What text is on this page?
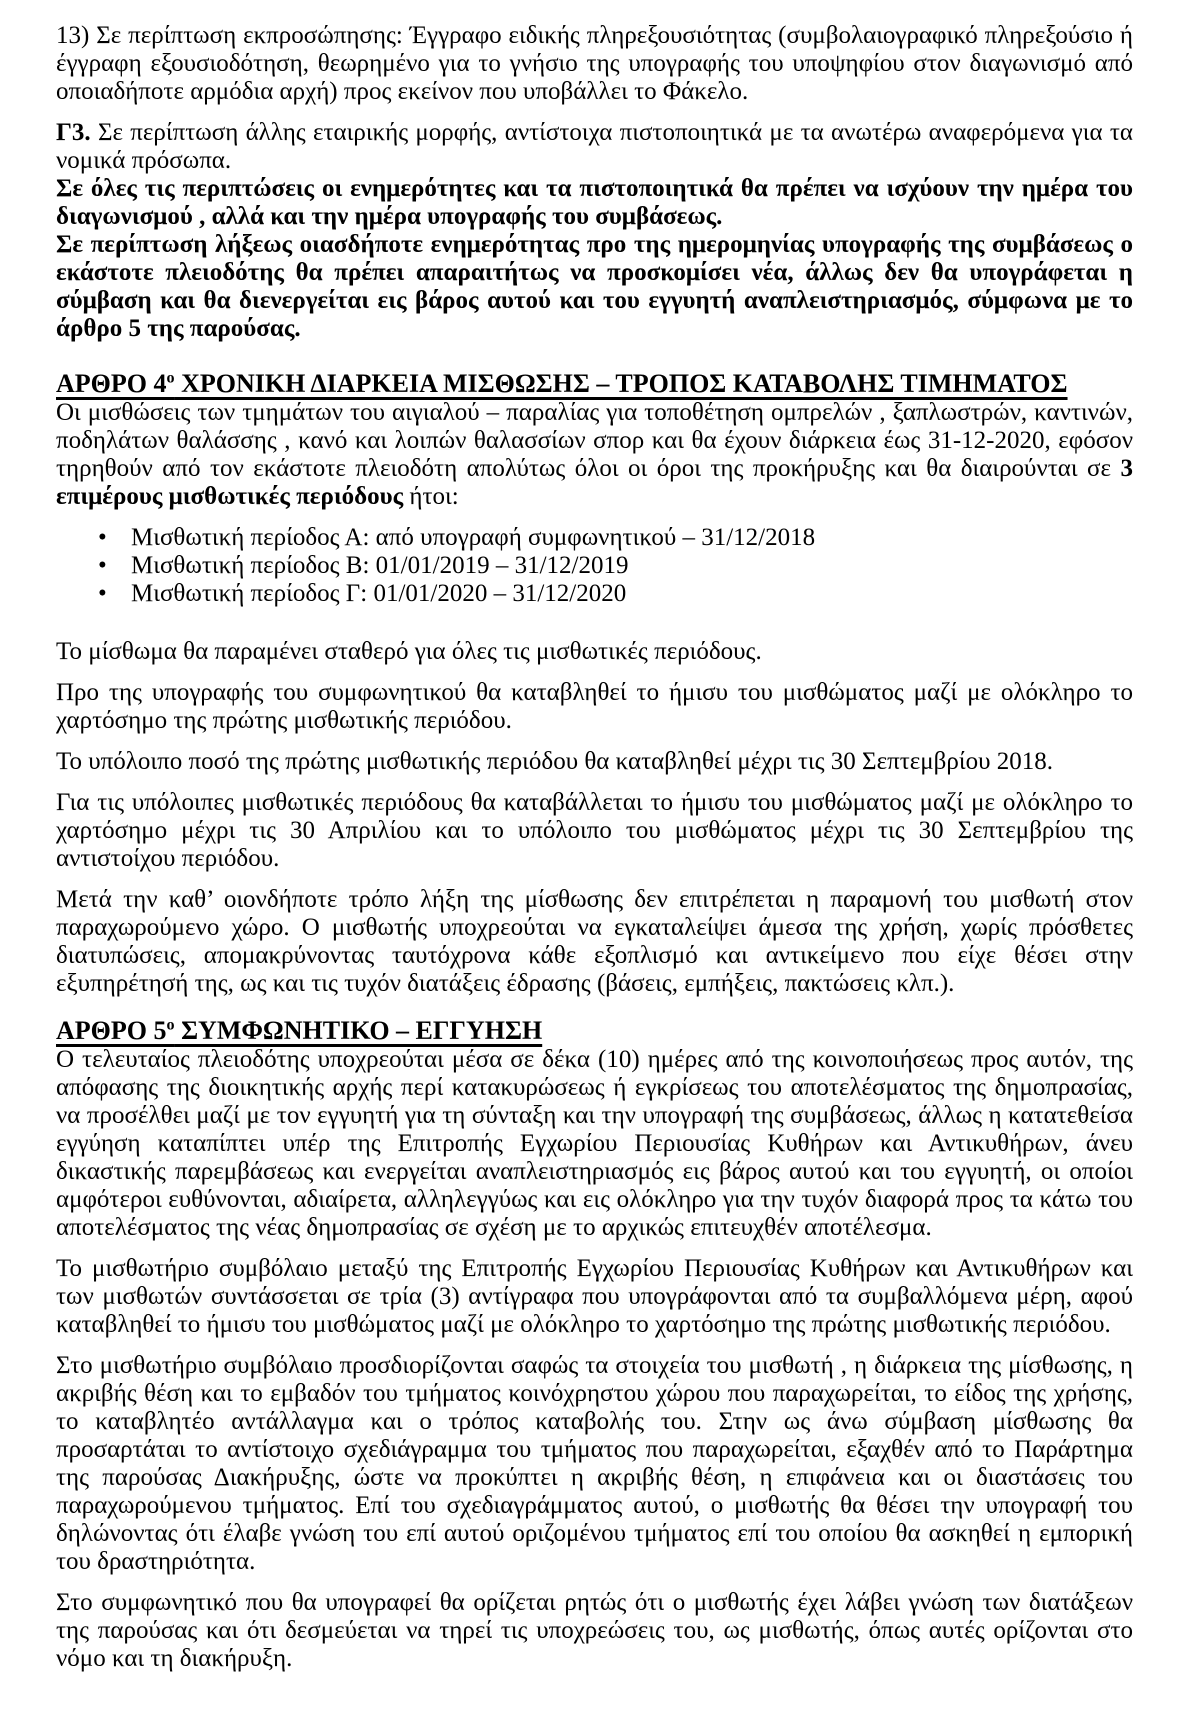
13) Σε περίπτωση εκπροσώπησης: Έγγραφο ειδικής πληρεξουσιότητας (συμβολαιογραφικό πληρεξούσιο ή έγγραφη εξουσιοδότηση, θεωρημένο για το γνήσιο της υπογραφής του υποψηφίου στον διαγωνισμό από οποιαδήποτε αρμόδια αρχή) προς εκείνον που υποβάλλει το Φάκελο.

Γ3. Σε περίπτωση άλλης εταιρικής μορφής, αντίστοιχα πιστοποιητικά με τα ανωτέρω αναφερόμενα για τα νομικά πρόσωπα.

Σε όλες τις περιπτώσεις οι ενημερότητες και τα πιστοποιητικά θα πρέπει να ισχύουν την ημέρα του διαγωνισμού , αλλά και την ημέρα υπογραφής του συμβάσεως.

Σε περίπτωση λήξεως οιασδήποτε ενημερότητας προ της ημερομηνίας υπογραφής της συμβάσεως ο εκάστοτε πλειοδότης θα πρέπει απαραιτήτως να προσκομίσει νέα, άλλως δεν θα υπογράφεται η σύμβαση και θα διενεργείται εις βάρος αυτού και του εγγυητή αναπλειστηριασμός, σύμφωνα με το άρθρο 5 της παρούσας.

ΑΡΘΡΟ $4^o$ ΧΡΟΝΙΚΗ ΔΙΑΡΚΕΙΑ ΜΙΣΘΩΣΗΣ – ΤΡΟΠΟΣ ΚΑΤΑΒΟΛΗΣ ΤΙΜΗΜΑΤΟΣ

Οι μισθώσεις των τμημάτων του αιγιαλού – παραλίας για τοποθέτηση ομπρελών , ξαπλωστρών, καντινών, ποδηλάτων θαλάσσης , κανό και λοιπών θαλασσίων σπορ και θα έχουν διάρκεια έως 31-12-2020, εφόσον τηρηθούν από τον εκάστοτε πλειοδότη απολύτως όλοι οι όροι της προκήρυξης και θα διαιρούνται σε 3 επιμέρους μισθωτικές περιόδους ήτοι:

• Μισθωτική περίοδος Α: από υπογραφή συμφωνητικού – 31/12/2018
• Μισθωτική περίοδος Β: 01/01/2019 – 31/12/2019
• Μισθωτική περίοδος Γ: 01/01/2020 – 31/12/2020

Το μίσθωμα θα παραμένει σταθερό για όλες τις μισθωτικές περιόδους.

Προ της υπογραφής του συμφωνητικού θα καταβληθεί το ήμισυ του μισθώματος μαζί με ολόκληρο το χαρτόσημο της πρώτης μισθωτικής περιόδου.

Το υπόλοιπο ποσό της πρώτης μισθωτικής περιόδου θα καταβληθεί μέχρι τις 30 Σεπτεμβρίου 2018.

Για τις υπόλοιπες μισθωτικές περιόδους θα καταβάλλεται το ήμισυ του μισθώματος μαζί με ολόκληρο το χαρτόσημο μέχρι τις 30 Απριλίου και το υπόλοιπο του μισθώματος μέχρι τις 30 Σεπτεμβρίου της αντιστοίχου περιόδου.

Μετά την καθ’ οιονδήποτε τρόπο λήξη της μίσθωσης δεν επιτρέπεται η παραμονή του μισθωτή στον παραχωρούμενο χώρο. Ο μισθωτής υποχρεούται να εγκαταλείψει άμεσα της χρήση, χωρίς πρόσθετες διατυπώσεις, απομακρύνοντας ταυτόχρονα κάθε εξοπλισμό και αντικείμενο που είχε θέσει στην εξυπηρέτησή της, ως και τις τυχόν διατάξεις έδρασης (βάσεις, εμπήξεις, πακτώσεις κλπ.).

ΑΡΘΡΟ $5^o$ ΣΥΜΦΩΝΗΤΙΚΟ – ΕΓΓΥΗΣΗ

Ο τελευταίος πλειοδότης υποχρεούται μέσα σε δέκα (10) ημέρες από της κοινοποιήσεως προς αυτόν, της απόφασης της διοικητικής αρχής περί κατακυρώσεως ή εγκρίσεως του αποτελέσματος της δημοπρασίας, να προσέλθει μαζί με τον εγγυητή για τη σύνταξη και την υπογραφή της συμβάσεως, άλλως η κατατεθείσα εγγύηση καταπίπτει υπέρ της Επιτροπής Εγχωρίου Περιουσίας Κυθήρων και Αντικυθήρων, άνευ δικαστικής παρεμβάσεως και ενεργείται αναπλειστηριασμός εις βάρος αυτού και του εγγυητή, οι οποίοι αμφότεροι ευθύνονται, αδιαίρετα, αλληλεγγύως και εις ολόκληρο για την τυχόν διαφορά προς τα κάτω του αποτελέσματος της νέας δημοπρασίας σε σχέση με το αρχικώς επιτευχθέν αποτέλεσμα.

Το μισθωτήριο συμβόλαιο μεταξύ της Επιτροπής Εγχωρίου Περιουσίας Κυθήρων και Αντικυθήρων και των μισθωτών συντάσσεται σε τρία (3) αντίγραφα που υπογράφονται από τα συμβαλλόμενα μέρη, αφού καταβληθεί το ήμισυ του μισθώματος μαζί με ολόκληρο το χαρτόσημο της πρώτης μισθωτικής περιόδου.

Στο μισθωτήριο συμβόλαιο προσδιορίζονται σαφώς τα στοιχεία του μισθωτή , η διάρκεια της μίσθωσης, η ακριβής θέση και το εμβαδόν του τμήματος κοινόχρηστου χώρου που παραχωρείται, το είδος της χρήσης, το καταβλητέο αντάλλαγμα και ο τρόπος καταβολής του. Στην ως άνω σύμβαση μίσθωσης θα προσαρτάται το αντίστοιχο σχεδιάγραμμα του τμήματος που παραχωρείται, εξαχθέν από το Παράρτημα της παρούσας Διακήρυξης, ώστε να προκύπτει η ακριβής θέση, η επιφάνεια και οι διαστάσεις του παραχωρούμενου τμήματος. Επί του σχεδιαγράμματος αυτού, ο μισθωτής θα θέσει την υπογραφή του δηλώνοντας ότι έλαβε γνώση του επί αυτού οριζομένου τμήματος επί του οποίου θα ασκηθεί η εμπορική του δραστηριότητα.

Στο συμφωνητικό που θα υπογραφεί θα ορίζεται ρητώς ότι ο μισθωτής έχει λάβει γνώση των διατάξεων της παρούσας και ότι δεσμεύεται να τηρεί τις υποχρεώσεις του, ως μισθωτής, όπως αυτές ορίζονται στο νόμο και τη διακήρυξη.
